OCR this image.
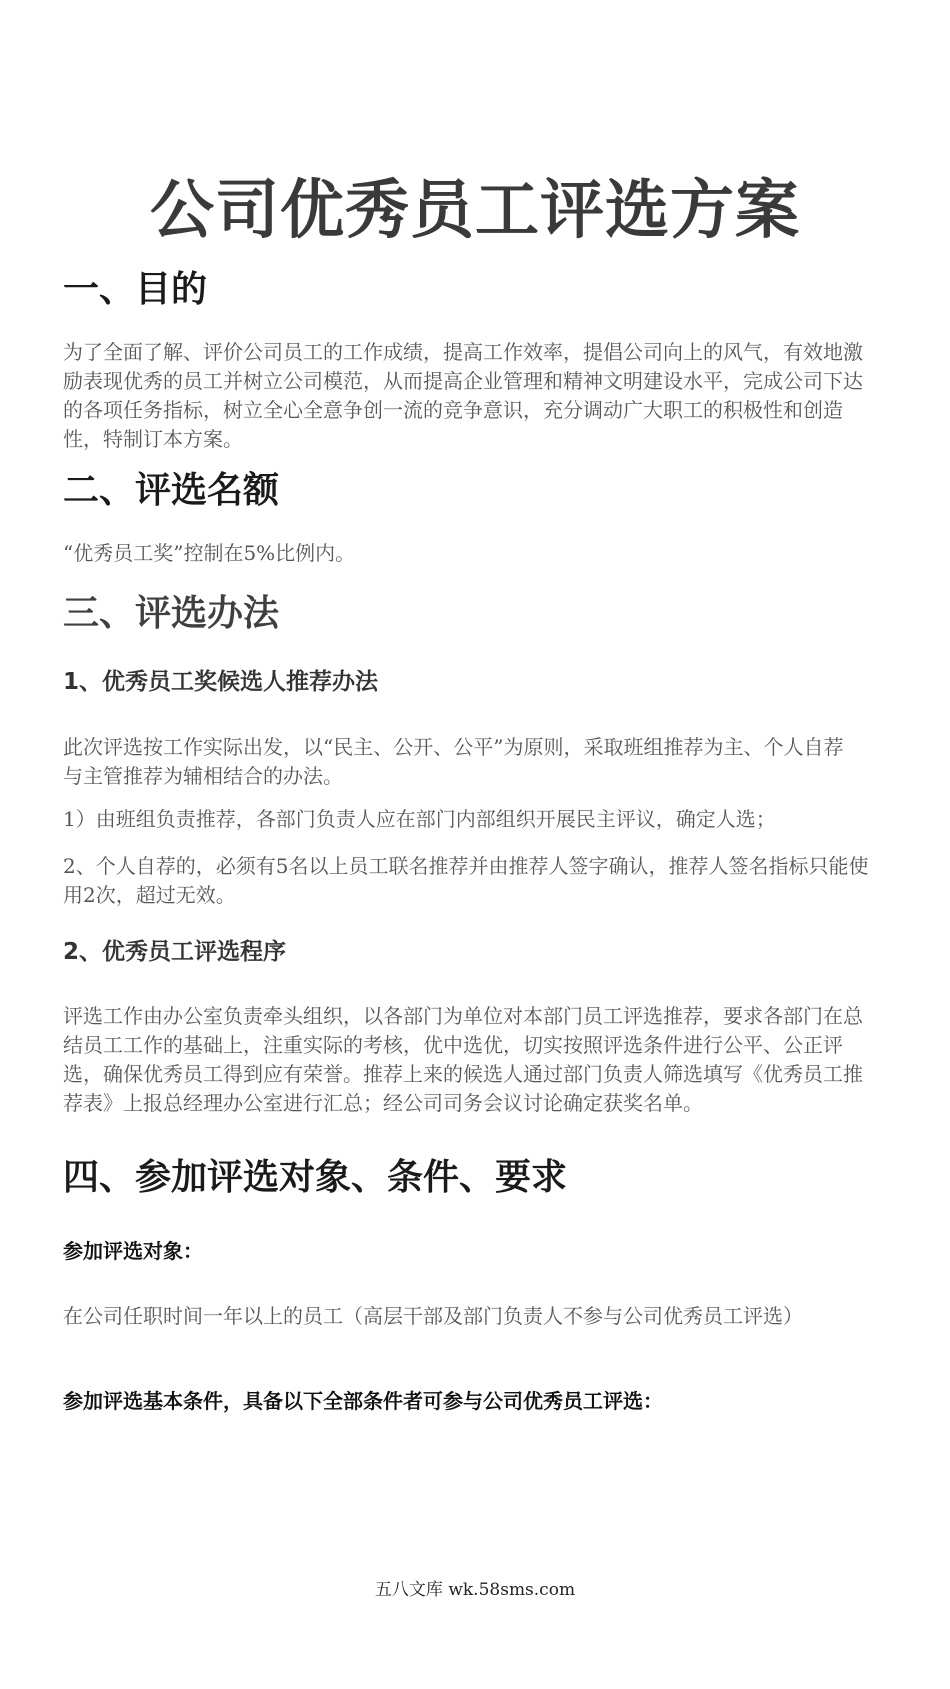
公司优秀员工评选方案
一、目的

为了全面了解、评价公司员工的工作成绩，提高工作效率，提倡公司向上的风气，有效地激励表现优秀的员工并树立公司模范，从而提高企业管理和精神文明建设水平，完成公司下达的各项任务指标，树立全心全意争创一流的竞争意识，充分调动广大职工的积极性和创造性，特制订本方案。

二、评选名额

“优秀员工奖”控制在5%比例内。

三、评选办法
1、优秀员工奖候选人推荐办法

此次评选按工作实际出发，以“民主、公开、公平”为原则，采取班组推荐为主、个人自荐与主管推荐为辅相结合的办法。

1）由班组负责推荐，各部门负责人应在部门内部组织开展民主评议，确定人选；

2、个人自荐的，必须有5名以上员工联名推荐并由推荐人签字确认，推荐人签名指标只能使用2次，超过无效。

2、优秀员工评选程序

评选工作由办公室负责牵头组织，以各部门为单位对本部门员工评选推荐，要求各部门在总结员工工作的基础上，注重实际的考核，优中选优，切实按照评选条件进行公平、公正评选，确保优秀员工得到应有荣誉。推荐上来的候选人通过部门负责人筛选填写《优秀员工推荐表》上报总经理办公室进行汇总；经公司司务会议讨论确定获奖名单。

四、参加评选对象、条件、要求

参加评选对象：

在公司任职时间一年以上的员工（高层干部及部门负责人不参与公司优秀员工评选）

参加评选基本条件，具备以下全部条件者可参与公司优秀员工评选：

五八文库 wk.58sms.com
